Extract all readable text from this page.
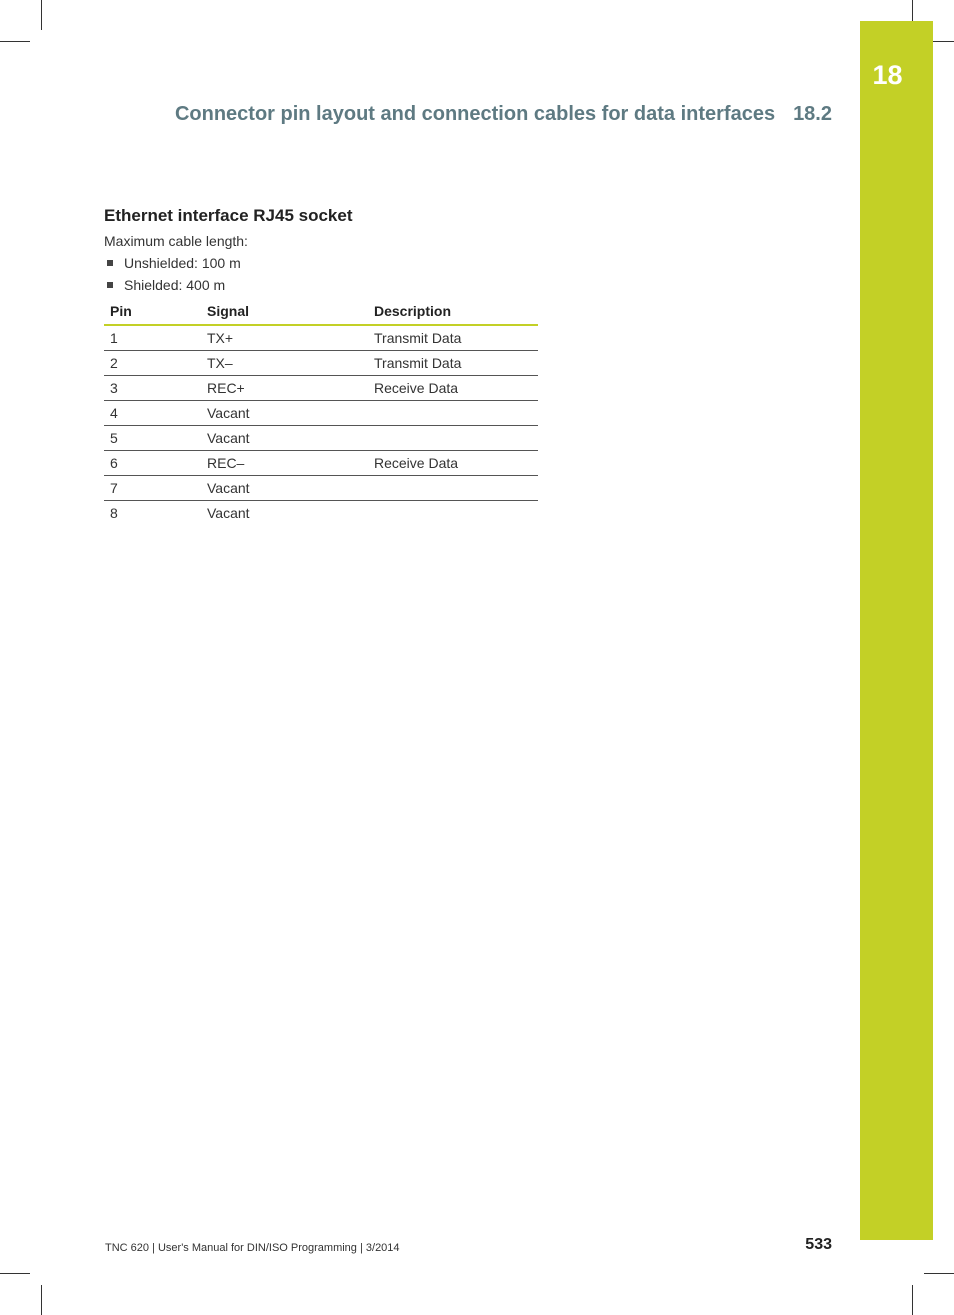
18
Connector pin layout and connection cables for data interfaces 18.2
Ethernet interface RJ45 socket
Maximum cable length:
Unshielded: 100 m
Shielded: 400 m
Pin	Signal	Description
1	TX+	Transmit Data
2	TX–	Transmit Data
3	REC+	Receive Data
4	Vacant	
5	Vacant	
6	REC–	Receive Data
7	Vacant	
8	Vacant	
TNC 620 | User's Manual for DIN/ISO Programming | 3/2014	533
